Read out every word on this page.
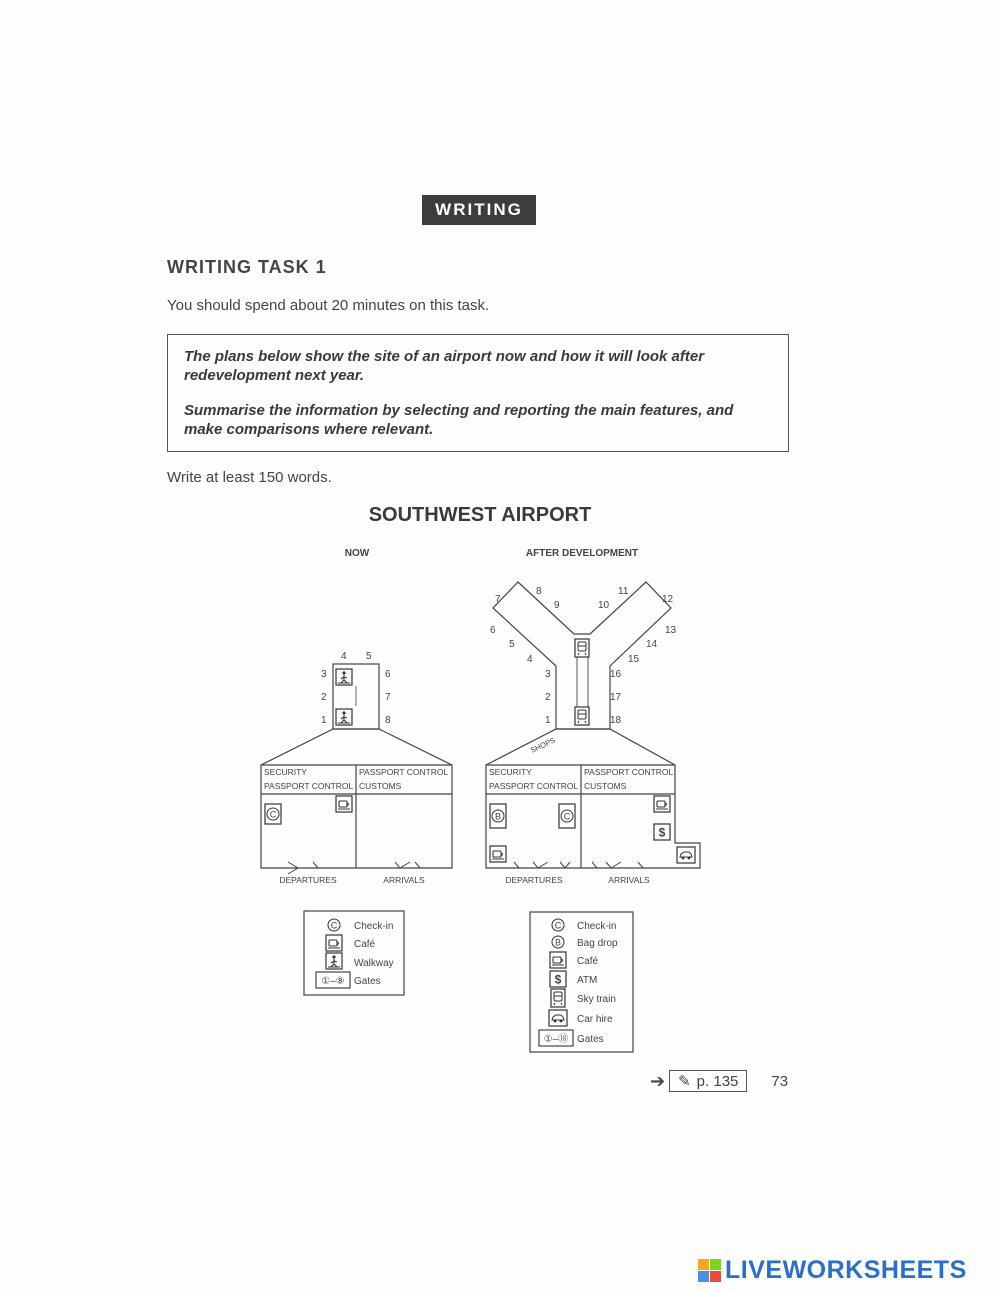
WRITING
WRITING TASK 1
You should spend about 20 minutes on this task.

The plans below show the site of an airport now and how it will look after redevelopment next year.

Summarise the information by selecting and reporting the main features, and make comparisons where relevant.

Write at least 150 words.
SOUTHWEST AIRPORT
NOW	AFTER DEVELOPMENT
C
1
2
3
4 5
6
7
8
SECURITY
PASSPORT CONTROL
PASSPORT CONTROL
CUSTOMS
DEPARTURES	ARRIVALS
SHOPS
B	C
$
1
2
3
4
5
6
7
8
9	10
11
12
13
14
15
16
17
18
SECURITY
PASSPORT CONTROL
PASSPORT CONTROL
CUSTOMS
DEPARTURES	ARRIVALS
C
①–⑧
Check-in
Café
Walkway
Gates
C
B
$
①–⑱
Check-in
Bag drop
Café
ATM
Sky train
Car hire
Gates
➔ ✎ p. 135 73
LIVEWORKSHEETS
